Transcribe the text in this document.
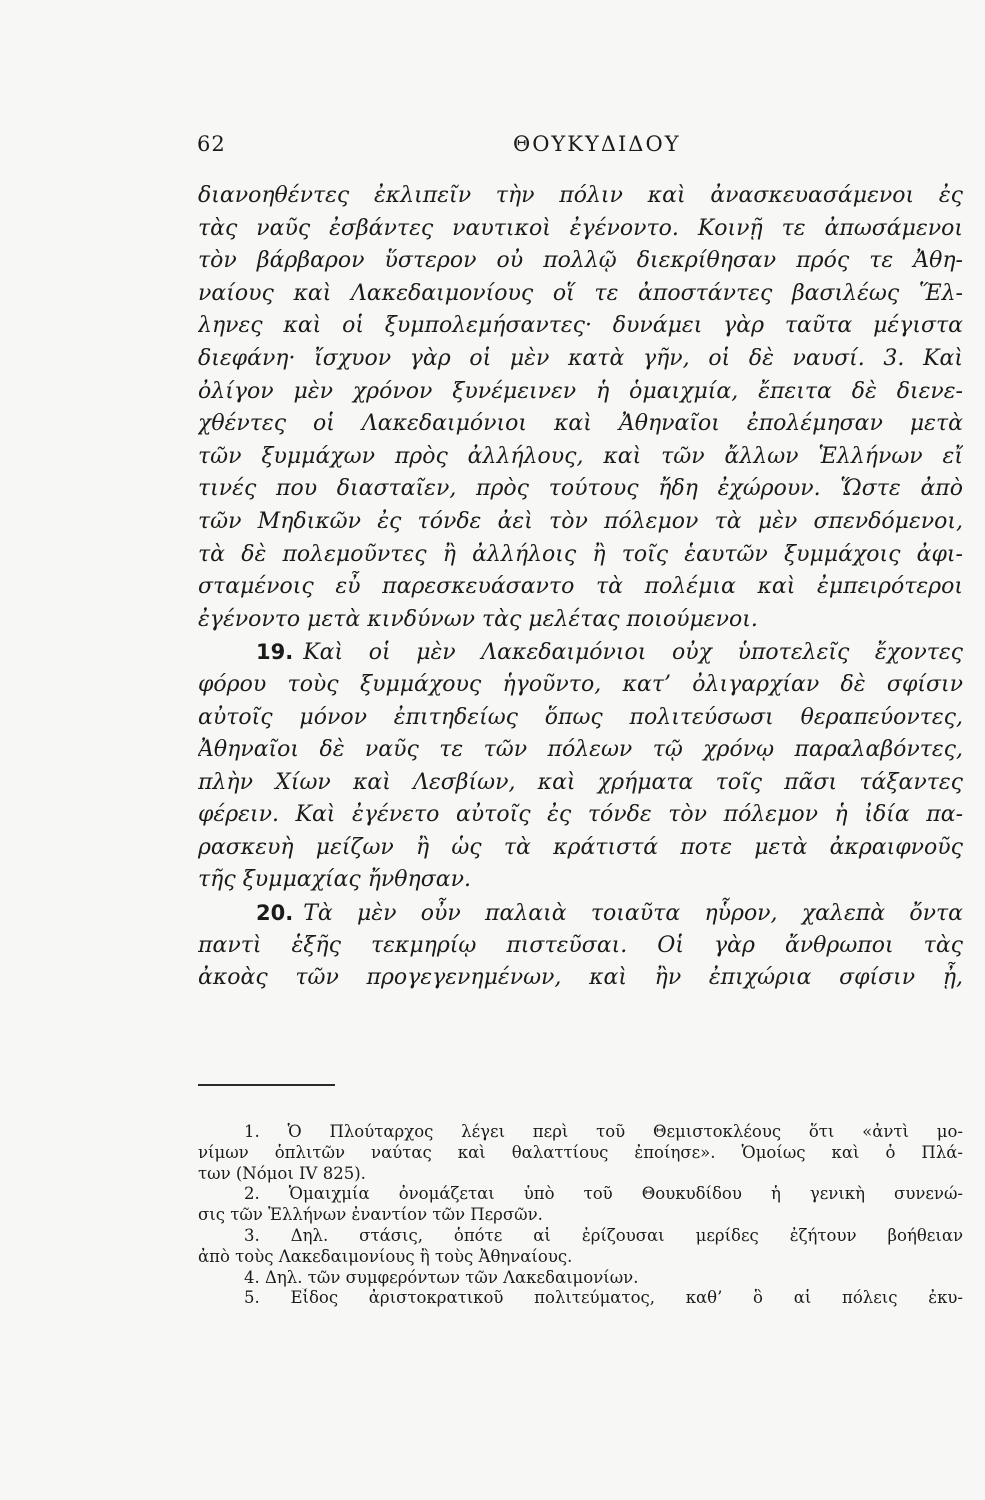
62	ΘΟΥΚΥΔΙΔΟΥ
διανοηθέντες ἐκλιπεῖν τὴν πόλιν καὶ ἀνασκευασάμενοι ἐς
τὰς ναῦς ἐσβάντες ναυτικοὶ ἐγένοντο. Κοινῇ τε ἀπωσάμενοι
τὸν βάρβαρον ὕστερον οὐ πολλῷ διεκρίθησαν πρός τε Ἀθη-
ναίους καὶ Λακεδαιμονίους οἵ τε ἀποστάντες βασιλέως Ἕλ-
ληνες καὶ οἱ ξυμπολεμήσαντες· δυνάμει γὰρ ταῦτα μέγιστα
διεφάνη· ἴσχυον γὰρ οἱ μὲν κατὰ γῆν, οἱ δὲ ναυσί. 3. Καὶ
ὀλίγον μὲν χρόνον ξυνέμεινεν ἡ ὁμαιχμία, ἔπειτα δὲ διενε-
χθέντες οἱ Λακεδαιμόνιοι καὶ Ἀθηναῖοι ἐπολέμησαν μετὰ
τῶν ξυμμάχων πρὸς ἀλλήλους, καὶ τῶν ἄλλων Ἑλλήνων εἴ
τινές που διασταῖεν, πρὸς τούτους ἤδη ἐχώρουν. Ὥστε ἀπὸ
τῶν Μηδικῶν ἐς τόνδε ἀεὶ τὸν πόλεμον τὰ μὲν σπενδόμενοι,
τὰ δὲ πολεμοῦντες ἢ ἀλλήλοις ἢ τοῖς ἑαυτῶν ξυμμάχοις ἀφι-
σταμένοις εὖ παρεσκευάσαντο τὰ πολέμια καὶ ἐμπειρότεροι
ἐγένοντο μετὰ κινδύνων τὰς μελέτας ποιούμενοι.
19. Καὶ οἱ μὲν Λακεδαιμόνιοι οὐχ ὑποτελεῖς ἔχοντες
φόρου τοὺς ξυμμάχους ἡγοῦντο, κατ’ ὀλιγαρχίαν δὲ σφίσιν
αὐτοῖς μόνον ἐπιτηδείως ὅπως πολιτεύσωσι θεραπεύοντες,
Ἀθηναῖοι δὲ ναῦς τε τῶν πόλεων τῷ χρόνῳ παραλαβόντες,
πλὴν Χίων καὶ Λεσβίων, καὶ χρήματα τοῖς πᾶσι τάξαντες
φέρειν. Καὶ ἐγένετο αὐτοῖς ἐς τόνδε τὸν πόλεμον ἡ ἰδία πα-
ρασκευὴ μείζων ἢ ὡς τὰ κράτιστά ποτε μετὰ ἀκραιφνοῦς
τῆς ξυμμαχίας ἤνθησαν.
20. Τὰ μὲν οὖν παλαιὰ τοιαῦτα ηὗρον, χαλεπὰ ὄντα
παντὶ ἑξῆς τεκμηρίῳ πιστεῦσαι. Οἱ γὰρ ἄνθρωποι τὰς
ἀκοὰς τῶν προγεγενημένων, καὶ ἢν ἐπιχώρια σφίσιν ᾖ,
1. Ὁ Πλούταρχος λέγει περὶ τοῦ Θεμιστοκλέους ὅτι «ἀντὶ μο-
νίμων ὁπλιτῶν ναύτας καὶ θαλαττίους ἐποίησε». Ὁμοίως καὶ ὁ Πλά-
των (Νόμοι IV 825).
2. Ὁμαιχμία ὀνομάζεται ὑπὸ τοῦ Θουκυδίδου ἡ γενικὴ συνενώ-
σις τῶν Ἑλλήνων ἐναντίον τῶν Περσῶν.
3. Δηλ. στάσις, ὁπότε αἱ ἐρίζουσαι μερίδες ἐζήτουν βοήθειαν
ἀπὸ τοὺς Λακεδαιμονίους ἢ τοὺς Ἀθηναίους.
4. Δηλ. τῶν συμφερόντων τῶν Λακεδαιμονίων.
5. Εἶδος ἀριστοκρατικοῦ πολιτεύματος, καθ’ ὃ αἱ πόλεις ἐκυ-
